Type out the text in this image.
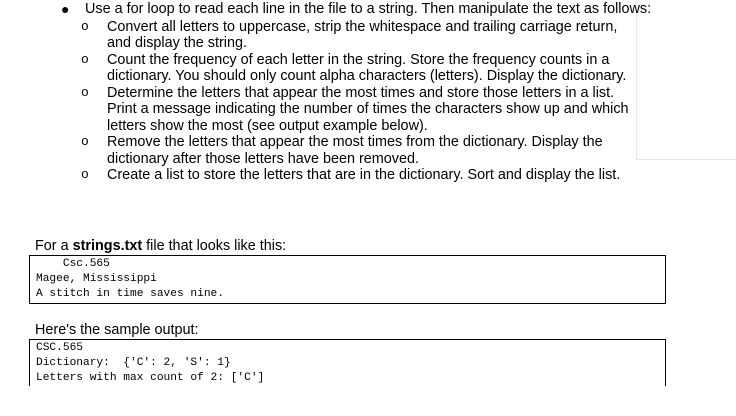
● Use a for loop to read each line in the file to a string. Then manipulate the text as follows:
o Convert all letters to uppercase, strip the whitespace and trailing carriage return, and display the string.
o Count the frequency of each letter in the string. Store the frequency counts in a dictionary. You should only count alpha characters (letters). Display the dictionary.
o Determine the letters that appear the most times and store those letters in a list. Print a message indicating the number of times the characters show up and which letters show the most (see output example below).
o Remove the letters that appear the most times from the dictionary. Display the dictionary after those letters have been removed.
o Create a list to store the letters that are in the dictionary. Sort and display the list.
For a strings.txt file that looks like this:
Csc.565
Magee, Mississippi
A stitch in time saves nine.
Here's the sample output:
CSC.565
Dictionary:  {'C': 2, 'S': 1}
Letters with max count of 2: ['C']
